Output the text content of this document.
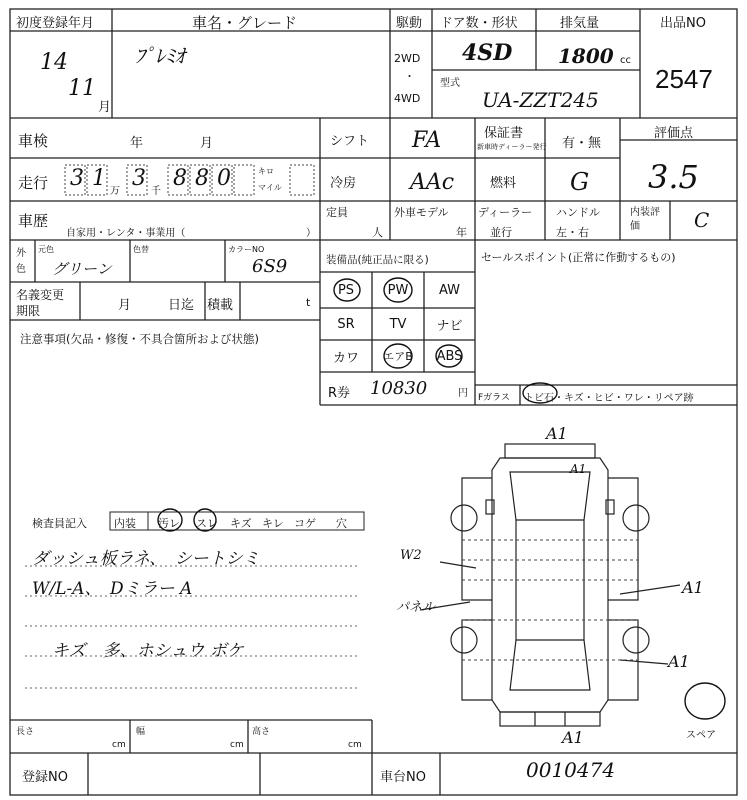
初度登録年月
14
11
月
車名・グレード
ﾌﾟﾚﾐｵ
駆動
2WD
・
4WD
ドア数・形状
4SD
排気量
1800 cc
型式
UA-ZZT245
出品NO
2547
車検	年	月
走行 3 1
万
3
千
8 8 0	キロ
マイル
車歴
自家用・レンタ・事業用（	）
シフト FA	保証書
新車時ディーラー発行 有・無
冷房 AAc	燃料 G
定員
人
外車モデル
年
ディーラー
並行
ハンドル
左・右
評価点
3.5
内装評価	C
外色
元色
グリーン
色替	カラーNO
6S9
名義変更
期限	月	日迄 積載	t
装備品(純正品に限る)
PS	PW	AW
SR	TV	ナビ
カワ	エアB	ABS
R券 10830	円
セールスポイント(正常に作動するもの)
Fガラス トビ石・キズ・ヒビ・ワレ・リペア跡
注意事項(欠品・修復・不具合箇所および状態)
検査員記入 内装 汚レ スレ キズ キレ コゲ 穴
ダッシュ板ラネ、　シートシミ
W/L-A、　Dミラー A
キズ　多、ホシュウ ボケ
A1
A1
W2
A1
A1
A1
パネル
スペア
長さ
cm
幅
cm
高さ
cm
登録NO	車台NO	0010474
